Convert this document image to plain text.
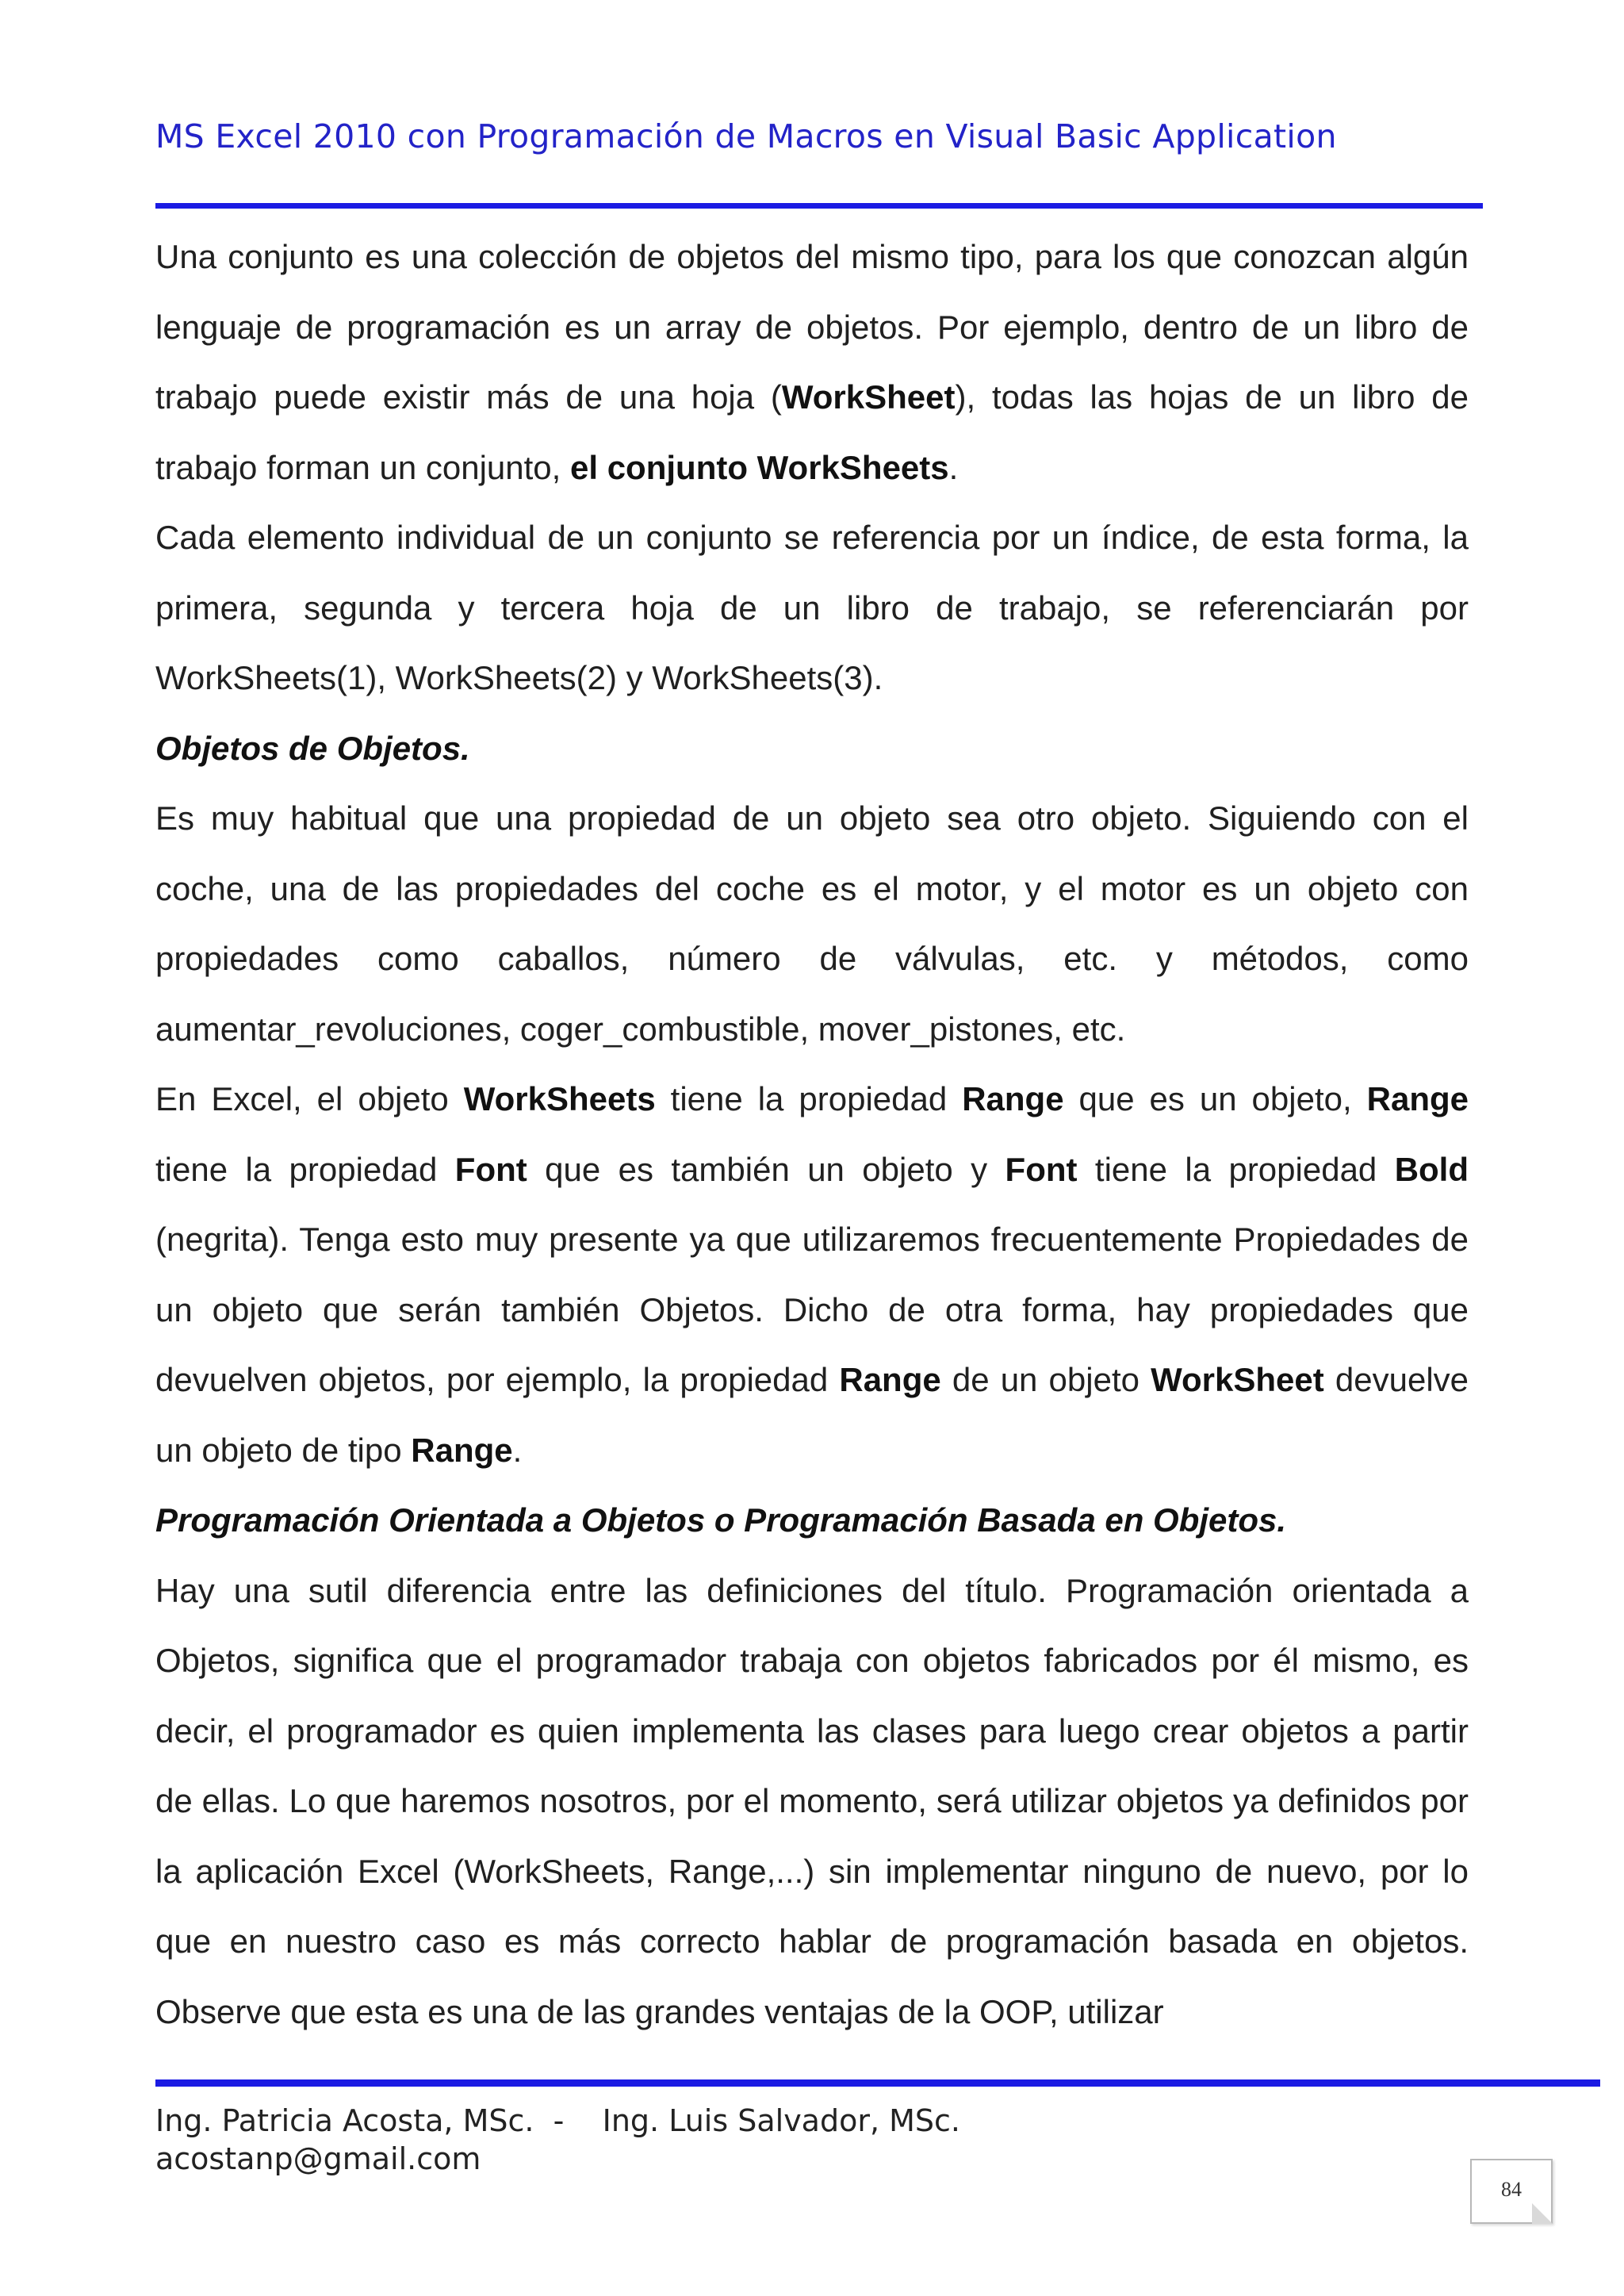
MS Excel 2010 con Programación de Macros en Visual Basic Application

Una conjunto es una colección de objetos del mismo tipo, para los que conozcan algún lenguaje de programación es un array de objetos. Por ejemplo, dentro de un libro de trabajo puede existir más de una hoja (WorkSheet), todas las hojas de un libro de trabajo forman un conjunto, el conjunto WorkSheets.

Cada elemento individual de un conjunto se referencia por un índice, de esta forma, la primera, segunda y tercera hoja de un libro de trabajo, se referenciarán por WorkSheets(1), WorkSheets(2) y WorkSheets(3).

Objetos de Objetos.

Es muy habitual que una propiedad de un objeto sea otro objeto. Siguiendo con el coche, una de las propiedades del coche es el motor, y el motor es un objeto con propiedades como caballos, número de válvulas, etc. y métodos, como aumentar_revoluciones, coger_combustible, mover_pistones, etc.

En Excel, el objeto WorkSheets tiene la propiedad Range que es un objeto, Range tiene la propiedad Font que es también un objeto y Font tiene la propiedad Bold (negrita). Tenga esto muy presente ya que utilizaremos frecuentemente Propiedades de un objeto que serán también Objetos. Dicho de otra forma, hay propiedades que devuelven objetos, por ejemplo, la propiedad Range de un objeto WorkSheet devuelve un objeto de tipo Range.

Programación Orientada a Objetos o Programación Basada en Objetos.

Hay una sutil diferencia entre las definiciones del título. Programación orientada a Objetos, significa que el programador trabaja con objetos fabricados por él mismo, es decir, el programador es quien implementa las clases para luego crear objetos a partir de ellas. Lo que haremos nosotros, por el momento, será utilizar objetos ya definidos por la aplicación Excel (WorkSheets, Range,...) sin implementar ninguno de nuevo, por lo que en nuestro caso es más correcto hablar de programación basada en objetos. Observe que esta es una de las grandes ventajas de la OOP, utilizar

Ing. Patricia Acosta, MSc.  -    Ing. Luis Salvador, MSc.
acostanp@gmail.com
84
